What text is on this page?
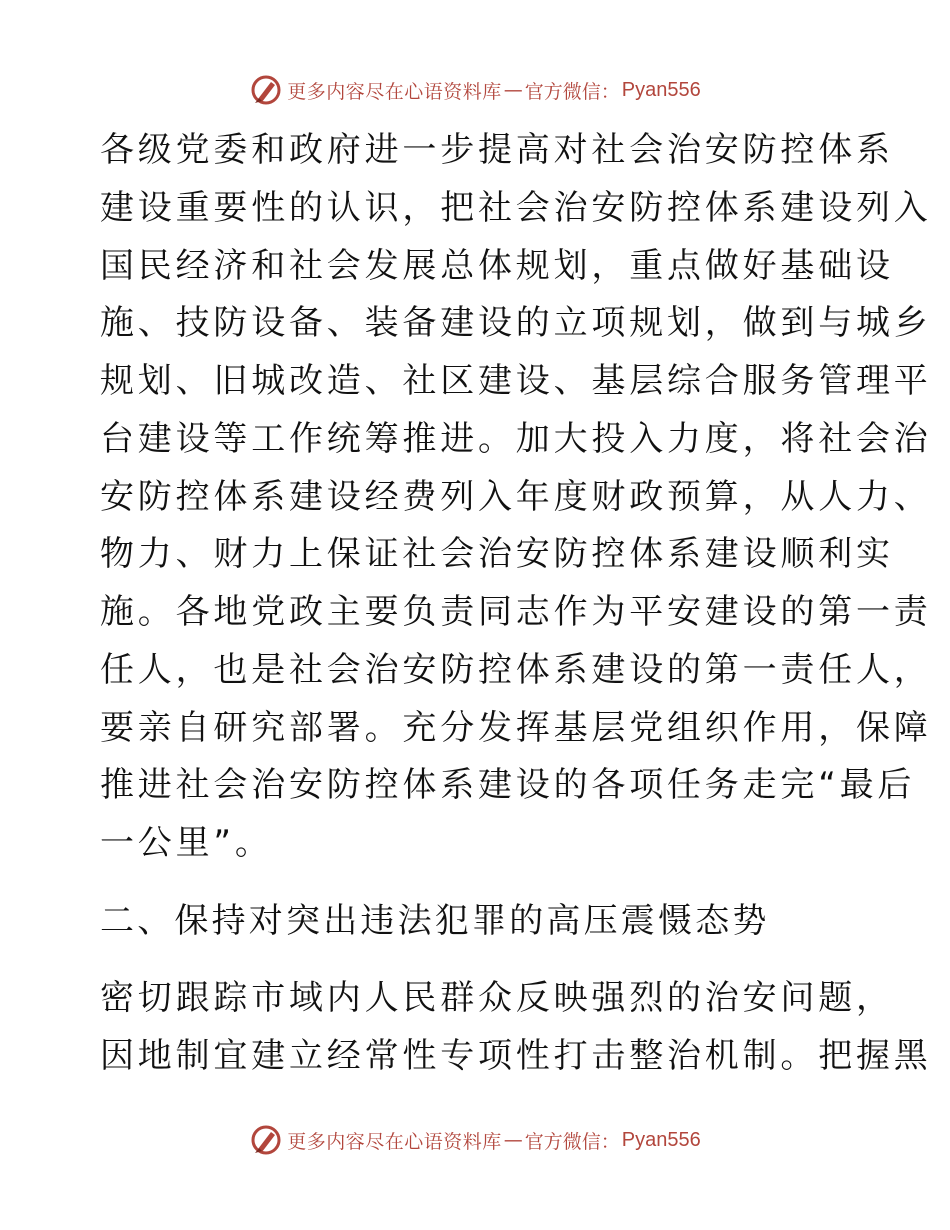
更多内容尽在心语资料库 — 官方微信： Pyan556
各级党委和政府进一步提高对社会治安防控体系
建设重要性的认识，把社会治安防控体系建设列入
国民经济和社会发展总体规划，重点做好基础设
施、技防设备、装备建设的立项规划，做到与城乡
规划、旧城改造、社区建设、基层综合服务管理平
台建设等工作统筹推进。加大投入力度，将社会治
安防控体系建设经费列入年度财政预算，从人力、
物力、财力上保证社会治安防控体系建设顺利实
施。各地党政主要负责同志作为平安建设的第一责
任人，也是社会治安防控体系建设的第一责任人，
要亲自研究部署。充分发挥基层党组织作用，保障
推进社会治安防控体系建设的各项任务走完“最后
一公里”。
二、保持对突出违法犯罪的高压震慑态势
密切跟踪市域内人民群众反映强烈的治安问题，
因地制宜建立经常性专项性打击整治机制。把握黑
更多内容尽在心语资料库 — 官方微信： Pyan556
